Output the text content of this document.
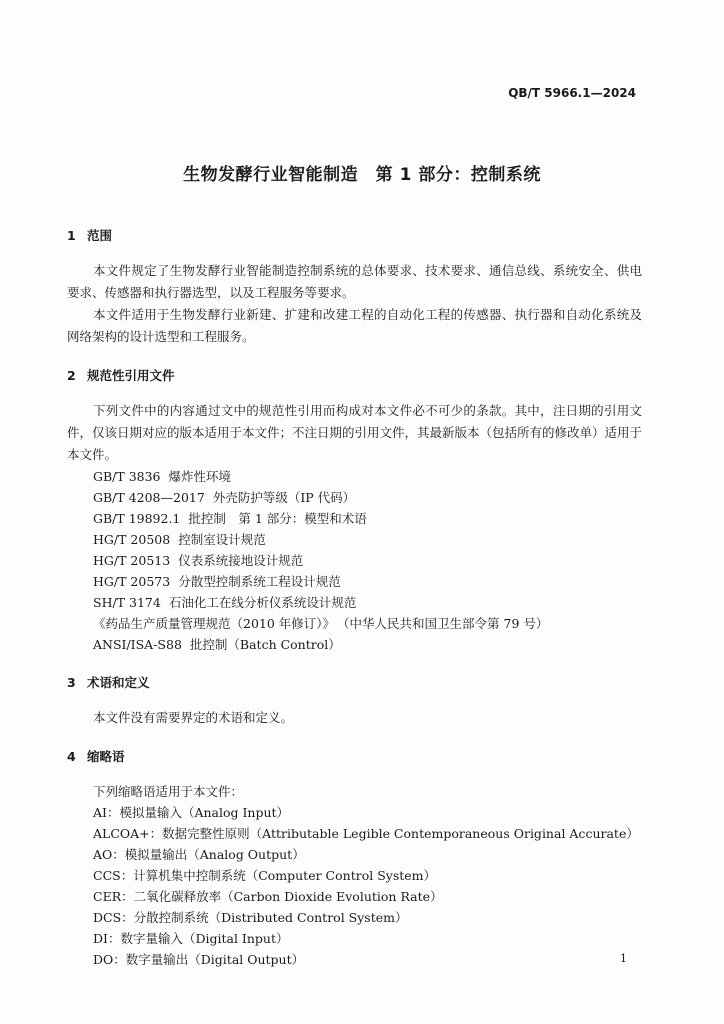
QB/T 5966.1—2024
生物发酵行业智能制造　第 1 部分：控制系统
1 范围

本文件规定了生物发酵行业智能制造控制系统的总体要求、技术要求、通信总线、系统安全、供电要求、传感器和执行器选型，以及工程服务等要求。

本文件适用于生物发酵行业新建、扩建和改建工程的自动化工程的传感器、执行器和自动化系统及网络架构的设计选型和工程服务。

2 规范性引用文件

下列文件中的内容通过文中的规范性引用而构成对本文件必不可少的条款。其中，注日期的引用文件，仅该日期对应的版本适用于本文件；不注日期的引用文件，其最新版本（包括所有的修改单）适用于本文件。

GB/T 3836 爆炸性环境
GB/T 4208—2017 外壳防护等级（IP 代码）
GB/T 19892.1 批控制　第 1 部分：模型和术语
HG/T 20508 控制室设计规范
HG/T 20513 仪表系统接地设计规范
HG/T 20573 分散型控制系统工程设计规范
SH/T 3174 石油化工在线分析仪系统设计规范
《药品生产质量管理规范（2010 年修订）》 （中华人民共和国卫生部令第 79 号）
ANSI/ISA-S88 批控制（Batch Control）
3 术语和定义

本文件没有需要界定的术语和定义。

4 缩略语
下列缩略语适用于本文件：
AI：模拟量输入（Analog Input）
ALCOA+：数据完整性原则（Attributable Legible Contemporaneous Original Accurate）
AO：模拟量输出（Analog Output）
CCS：计算机集中控制系统（Computer Control System）
CER：二氧化碳释放率（Carbon Dioxide Evolution Rate）
DCS：分散控制系统（Distributed Control System）
DI：数字量输入（Digital Input）
DO：数字量输出（Digital Output）	1
